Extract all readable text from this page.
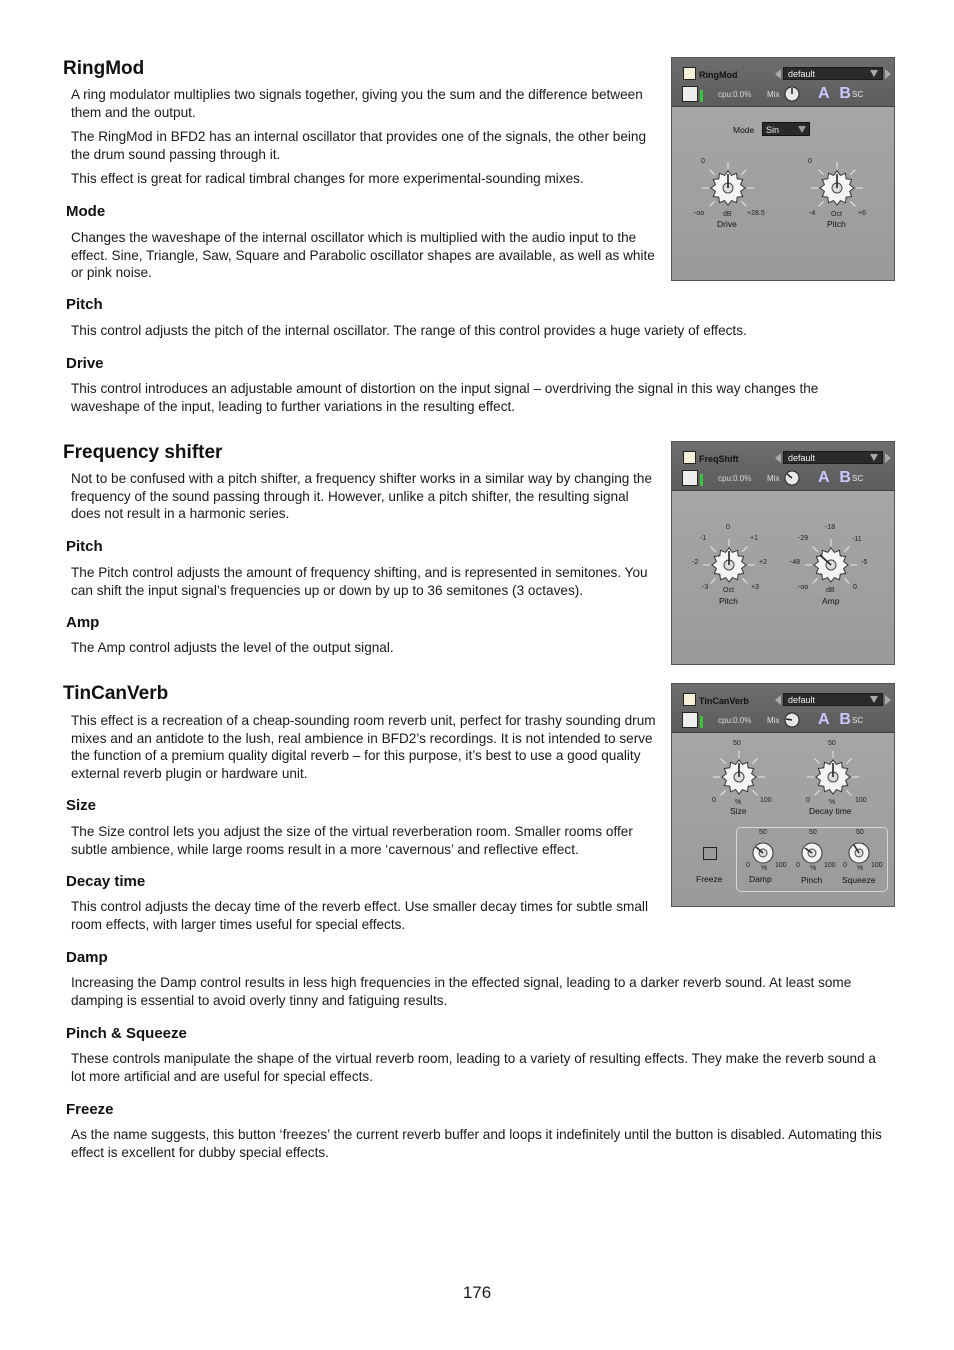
RingMod

A ring modulator multiplies two signals together, giving you the sum and the difference between them and the output.

The RingMod in BFD2 has an internal oscillator that provides one of the signals, the other being the drum sound passing through it.

This effect is great for radical timbral changes for more experimental-sounding mixes.

Mode

Changes the waveshape of the internal oscillator which is multiplied with the audio input to the effect. Sine, Triangle, Saw, Square and Parabolic oscillator shapes are available, as well as white or pink noise.

Pitch

This control adjusts the pitch of the internal oscillator. The range of this control provides a huge variety of effects.

Drive

This control introduces an adjustable amount of distortion on the input signal – overdriving the signal in this way changes the waveshape of the input, leading to further variations in the resulting effect.

RingMod	default
cpu:0.0% Mix A B
SC
Mode	Sin
0
-oo	dB +28.5
Drive
0
-4 Oct +6
Pitch
Frequency shifter

Not to be confused with a pitch shifter, a frequency shifter works in a similar way by changing the frequency of the sound passing through it. However, unlike a pitch shifter, the resulting signal does not result in a harmonic series.

Pitch

The Pitch control adjusts the amount of frequency shifting, and is represented in semitones. You can shift the input signal’s frequencies up or down by up to 36 semitones (3 octaves).

Amp

The Amp control adjusts the level of the output signal.

FreqShift	default
cpu:0.0% Mix A B
SC
-3
-2
-1
0
+1
+2
+3
Oct
Pitch
-oo
-48
-29
-18
-11
-5
0
dB
Amp
TinCanVerb

This effect is a recreation of a cheap-sounding room reverb unit, perfect for trashy sounding drum mixes and an antidote to the lush, real ambience in BFD2’s recordings. It is not intended to serve the function of a premium quality digital reverb – for this purpose, it’s best to use a good quality external reverb plugin or hardware unit.

Size

The Size control lets you adjust the size of the virtual reverberation room. Smaller rooms offer subtle ambience, while large rooms result in a more ‘cavernous’ and reflective effect.

Decay time

This control adjusts the decay time of the reverb effect. Use smaller decay times for subtle small room effects, with larger times useful for special effects.

Damp

Increasing the Damp control results in less high frequencies in the effected signal, leading to a darker reverb sound. At least some damping is essential to avoid overly tinny and fatiguing results.

Pinch & Squeeze

These controls manipulate the shape of the virtual reverb room, leading to a variety of resulting effects. They make the reverb sound a lot more artificial and are useful for special effects.

Freeze

As the name suggests, this button ‘freezes’ the current reverb buffer and loops it indefinitely until the button is disabled. Automating this effect is excellent for dubby special effects.

TinCanVerb	default
cpu:0.0% Mix A B
SC
50
0	%	100
Size
50
0	%	100
Decay time
Freeze
50
0 % 100
Damp
50
0 % 100
Pinch
50
0 % 100
Squeeze
176
